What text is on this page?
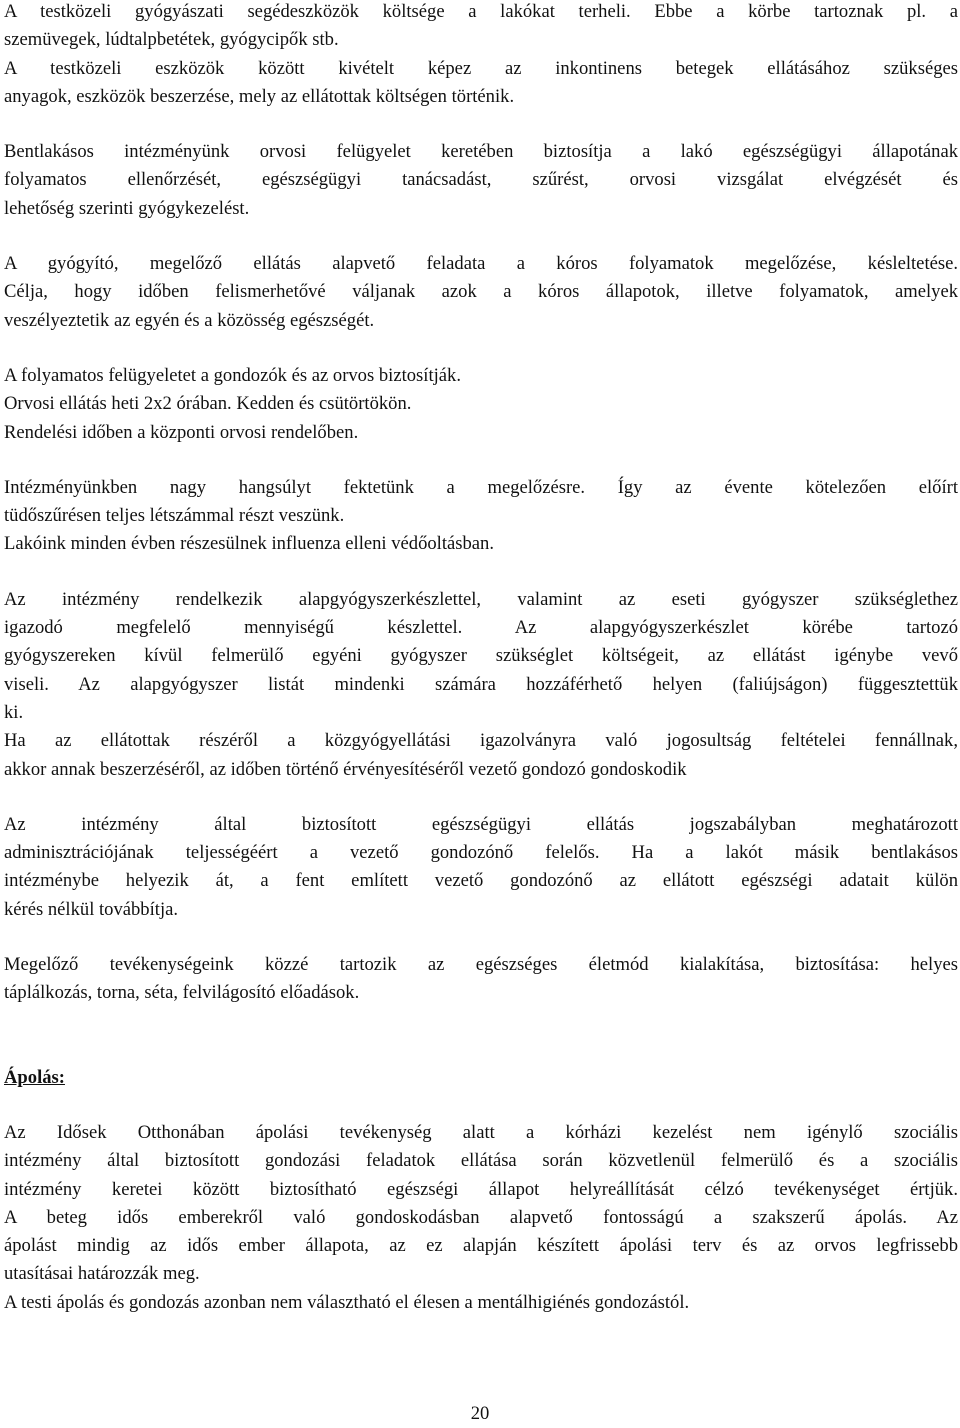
A testközeli gyógyászati segédeszközök költsége a lakókat terheli. Ebbe a körbe tartoznak pl. a
szemüvegek, lúdtalpbetétek, gyógycipők stb.
A testközeli eszközök között kivételt képez az inkontinens betegek ellátásához szükséges
anyagok, eszközök beszerzése, mely az ellátottak költségen történik.
Bentlakásos intézményünk orvosi felügyelet keretében biztosítja a lakó egészségügyi állapotának
folyamatos ellenőrzését, egészségügyi tanácsadást, szűrést, orvosi vizsgálat elvégzését és
lehetőség szerinti gyógykezelést.
A gyógyító, megelőző ellátás alapvető feladata a kóros folyamatok megelőzése, késleltetése.
Célja, hogy időben felismerhetővé váljanak azok a kóros állapotok, illetve folyamatok, amelyek
veszélyeztetik az egyén és a közösség egészségét.
A folyamatos felügyeletet a gondozók és az orvos biztosítják.
Orvosi ellátás heti 2x2 órában. Kedden és csütörtökön.
Rendelési időben a központi orvosi rendelőben.
Intézményünkben nagy hangsúlyt fektetünk a megelőzésre. Így az évente kötelezően előírt
tüdőszűrésen teljes létszámmal részt veszünk.
Lakóink minden évben részesülnek influenza elleni védőoltásban.
Az intézmény rendelkezik alapgyógyszerkészlettel, valamint az eseti gyógyszer szükséglethez
igazodó megfelelő mennyiségű készlettel. Az alapgyógyszerkészlet körébe tartozó
gyógyszereken kívül felmerülő egyéni gyógyszer szükséglet költségeit, az ellátást igénybe vevő
viseli. Az alapgyógyszer listát mindenki számára hozzáférhető helyen (faliújságon) függesztettük
ki.
Ha az ellátottak részéről a közgyógyellátási igazolványra való jogosultság feltételei fennállnak,
akkor annak beszerzéséről, az időben történő érvényesítéséről vezető gondozó gondoskodik
Az intézmény által biztosított egészségügyi ellátás jogszabályban meghatározott
adminisztrációjának teljességéért a vezető gondozónő felelős. Ha a lakót másik bentlakásos
intézménybe helyezik át, a fent említett vezető gondozónő az ellátott egészségi adatait külön
kérés nélkül továbbítja.
Megelőző tevékenységeink közzé tartozik az egészséges életmód kialakítása, biztosítása: helyes
táplálkozás, torna, séta, felvilágosító előadások.

Ápolás:

Az Idősek Otthonában ápolási tevékenység alatt a kórházi kezelést nem igénylő szociális
intézmény által biztosított gondozási feladatok ellátása során közvetlenül felmerülő és a szociális
intézmény keretei között biztosítható egészségi állapot helyreállítását célzó tevékenységet értjük.
A beteg idős emberekről való gondoskodásban alapvető fontosságú a szakszerű ápolás. Az
ápolást mindig az idős ember állapota, az ez alapján készített ápolási terv és az orvos legfrissebb
utasításai határozzák meg.
A testi ápolás és gondozás azonban nem választható el élesen a mentálhigiénés gondozástól.
20
